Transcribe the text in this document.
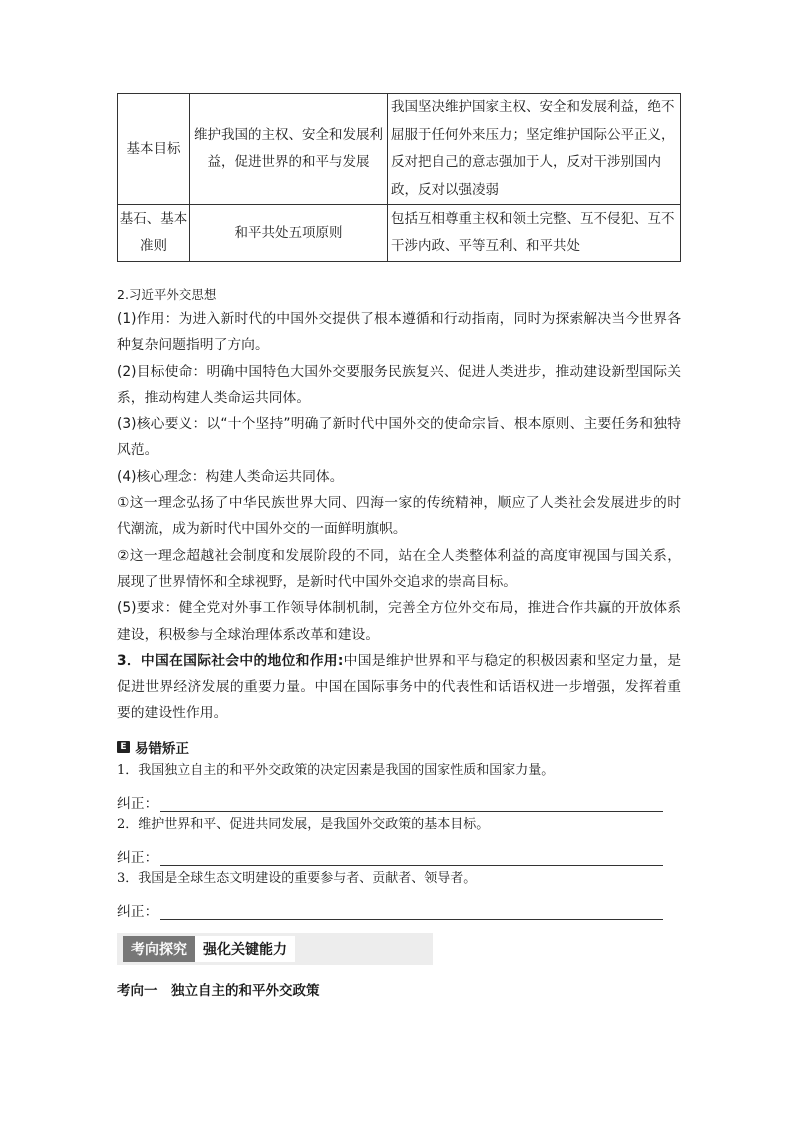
基本目标	维护我国的主权、安全和发展利益，促进世界的和平与发展	我国坚决维护国家主权、安全和发展利益，绝不屈服于任何外来压力；坚定维护国际公平正义，反对把自己的意志强加于人，反对干涉别国内政，反对以强凌弱
基石、基本准则	和平共处五项原则	包括互相尊重主权和领土完整、互不侵犯、互不干涉内政、平等互利、和平共处
2.习近平外交思想

(1)作用：为进入新时代的中国外交提供了根本遵循和行动指南，同时为探索解决当今世界各种复杂问题指明了方向。

(2)目标使命：明确中国特色大国外交要服务民族复兴、促进人类进步，推动建设新型国际关系，推动构建人类命运共同体。

(3)核心要义：以“十个坚持”明确了新时代中国外交的使命宗旨、根本原则、主要任务和独特风范。

(4)核心理念：构建人类命运共同体。

①这一理念弘扬了中华民族世界大同、四海一家的传统精神，顺应了人类社会发展进步的时代潮流，成为新时代中国外交的一面鲜明旗帜。

②这一理念超越社会制度和发展阶段的不同，站在全人类整体利益的高度审视国与国关系，展现了世界情怀和全球视野，是新时代中国外交追求的崇高目标。

(5)要求：健全党对外事工作领导体制机制，完善全方位外交布局，推进合作共赢的开放体系建设，积极参与全球治理体系改革和建设。

3．中国在国际社会中的地位和作用:中国是维护世界和平与稳定的积极因素和坚定力量，是促进世界经济发展的重要力量。中国在国际事务中的代表性和话语权进一步增强，发挥着重要的建设性作用。

E 易错矫正

1．我国独立自主的和平外交政策的决定因素是我国的国家性质和国家力量。

纠正：

2．维护世界和平、促进共同发展，是我国外交政策的基本目标。

纠正：

3．我国是全球生态文明建设的重要参与者、贡献者、领导者。

纠正：
考向探究	强化关键能力
考向一　独立自主的和平外交政策
